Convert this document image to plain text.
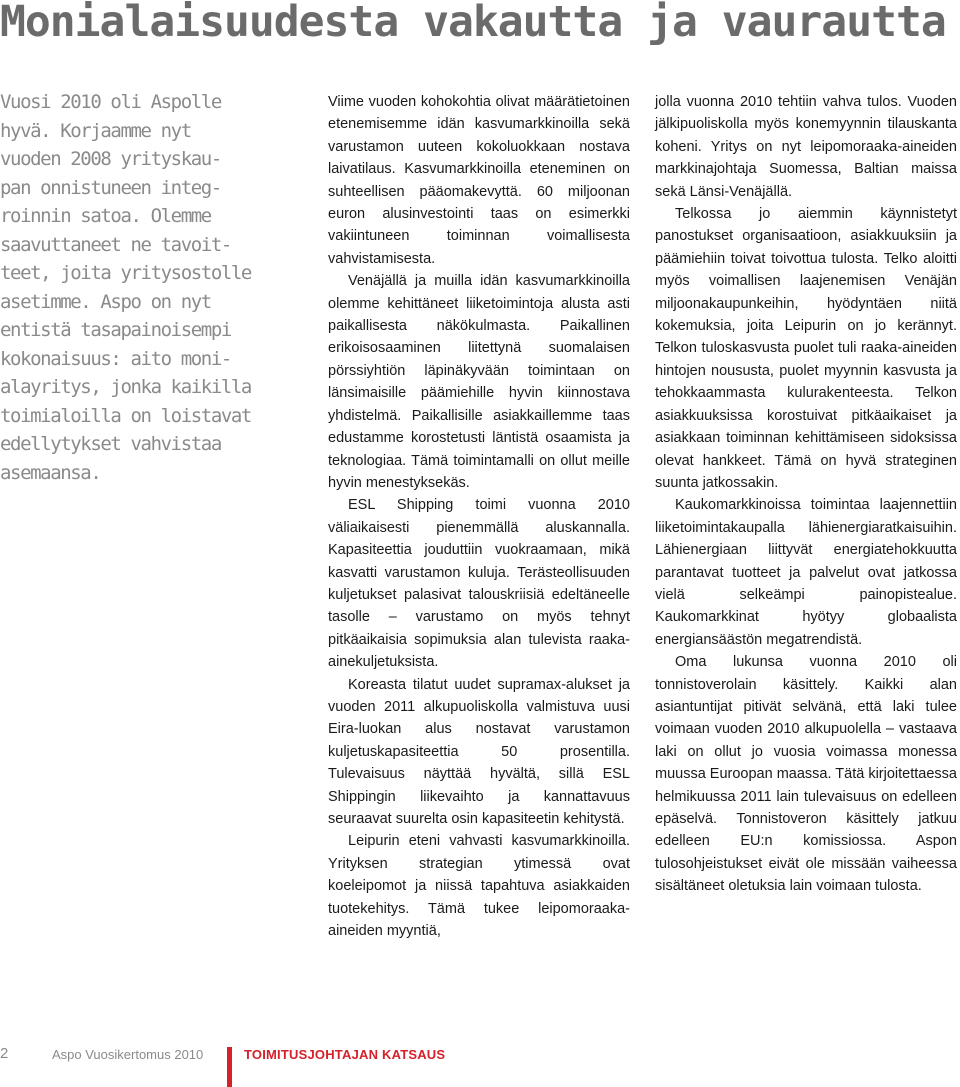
Monialaisuudesta vakautta ja vaurautta
Vuosi 2010 oli Aspolle
hyvä. Korjaamme nyt
vuoden 2008 yrityskau-
pan onnistuneen integ-
roinnin satoa. Olemme
saavuttaneet ne tavoit-
teet, joita yritysostolle
asetimme. Aspo on nyt
entistä tasapainoisempi
kokonaisuus: aito moni-
alayritys, jonka kaikilla
toimialoilla on loistavat
edellytykset vahvistaa
asemaansa.

Viime vuoden kohokohtia olivat määrätietoinen etenemisemme idän kasvumarkkinoilla sekä varustamon uuteen kokoluokkaan nostava laivatilaus. Kasvumarkkinoilla eteneminen on suhteellisen pääomakevyttä. 60 miljoonan euron alusinvestointi taas on esimerkki vakiintuneen toiminnan voimallisesta vahvistamisesta.

Venäjällä ja muilla idän kasvumarkkinoilla olemme kehittäneet liiketoimintoja alusta asti paikallisesta näkökulmasta. Paikallinen erikoisosaaminen liitettynä suomalaisen pörssiyhtiön läpinäkyvään toimintaan on länsimaisille päämiehille hyvin kiinnostava yhdistelmä. Paikallisille asiakkaillemme taas edustamme korostetusti läntistä osaamista ja teknologiaa. Tämä toimintamalli on ollut meille hyvin menestyksekäs.

ESL Shipping toimi vuonna 2010 väliaikaisesti pienemmällä aluskannalla. Kapasiteettia jouduttiin vuokraamaan, mikä kasvatti varustamon kuluja. Terästeollisuuden kuljetukset palasivat talouskriisiä edeltäneelle tasolle – varustamo on myös tehnyt pitkäaikaisia sopimuksia alan tulevista raaka-ainekuljetuksista.

Koreasta tilatut uudet supramax-alukset ja vuoden 2011 alkupuoliskolla valmistuva uusi Eira-luokan alus nostavat varustamon kuljetuskapasiteettia 50 prosentilla. Tulevaisuus näyttää hyvältä, sillä ESL Shippingin liikevaihto ja kannattavuus seuraavat suurelta osin kapasiteetin kehitystä.

Leipurin eteni vahvasti kasvumarkkinoilla. Yrityksen strategian ytimessä ovat koeleipomot ja niissä tapahtuva asiakkaiden tuotekehitys. Tämä tukee leipomoraaka-aineiden myyntiä,

jolla vuonna 2010 tehtiin vahva tulos. Vuoden jälkipuoliskolla myös konemyynnin tilauskanta koheni. Yritys on nyt leipomoraaka-aineiden markkinajohtaja Suomessa, Baltian maissa sekä Länsi-Venäjällä.

Telkossa jo aiemmin käynnistetyt panostukset organisaatioon, asiakkuuksiin ja päämiehiin toivat toivottua tulosta. Telko aloitti myös voimallisen laajenemisen Venäjän miljoonakaupunkeihin, hyödyntäen niitä kokemuksia, joita Leipurin on jo kerännyt. Telkon tuloskasvusta puolet tuli raaka-aineiden hintojen noususta, puolet myynnin kasvusta ja tehokkaammasta kulurakenteesta. Telkon asiakkuuksissa korostuivat pitkäaikaiset ja asiakkaan toiminnan kehittämiseen sidoksissa olevat hankkeet. Tämä on hyvä strateginen suunta jatkossakin.

Kaukomarkkinoissa toimintaa laajennettiin liiketoimintakaupalla lähienergiaratkaisuihin. Lähienergiaan liittyvät energiatehokkuutta parantavat tuotteet ja palvelut ovat jatkossa vielä selkeämpi painopistealue. Kaukomarkkinat hyötyy globaalista energiansäästön megatrendistä.

Oma lukunsa vuonna 2010 oli tonnistoverolain käsittely. Kaikki alan asiantuntijat pitivät selvänä, että laki tulee voimaan vuoden 2010 alkupuolella – vastaava laki on ollut jo vuosia voimassa monessa muussa Euroopan maassa. Tätä kirjoitettaessa helmikuussa 2011 lain tulevaisuus on edelleen epäselvä. Tonnistoveron käsittely jatkuu edelleen EU:n komissiossa. Aspon tulosohjeistukset eivät ole missään vaiheessa sisältäneet oletuksia lain voimaan tulosta.

2	Aspo Vuosikertomus 2010	TOIMITUSJOHTAJAN KATSAUS
